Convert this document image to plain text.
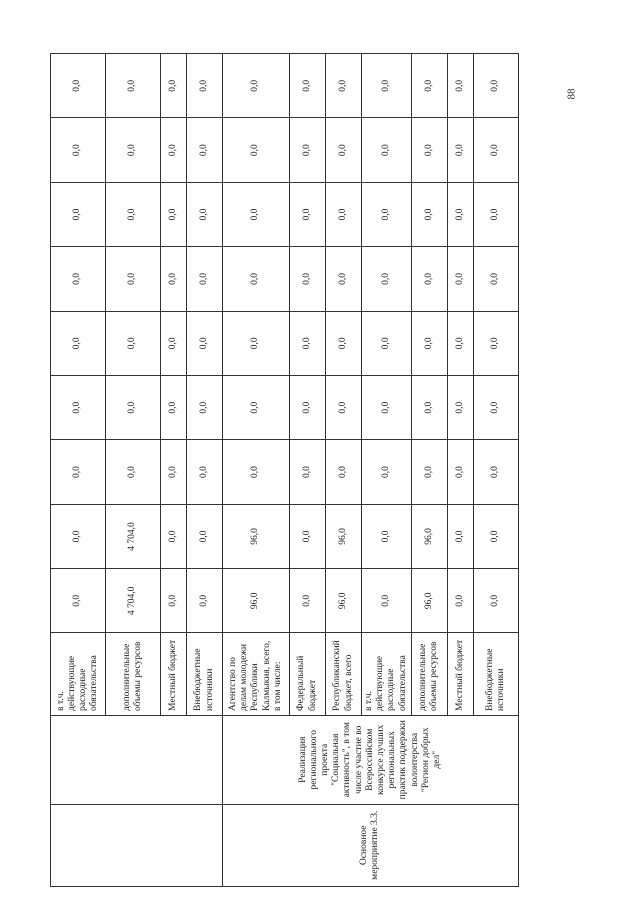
88
		в т.ч. действующие расходные обязательства	0,0	0,0	0,0	0,0	0,0	0,0	0,0	0,0	0,0
		дополнительные объемы ресурсов	4 704,0	4 704,0	0,0	0,0	0,0	0,0	0,0	0,0	0,0
		Местный бюджет	0,0	0,0	0,0	0,0	0,0	0,0	0,0	0,0	0,0
		Внебюджетные источники	0,0	0,0	0,0	0,0	0,0	0,0	0,0	0,0	0,0
Основное мероприятие 3.3.	Реализация регионального проекта "Социальная активность", в том числе участие во Всероссийском конкурсе лучших региональных практик поддержки волонтерства "Регион добрых дел"	Агентство по делам молодежи Республики Калмыкия, всего, в том числе:	96,0	96,0	0,0	0,0	0,0	0,0	0,0	0,0	0,0
		Федеральный бюджет	0,0	0,0	0,0	0,0	0,0	0,0	0,0	0,0	0,0
		Республиканский бюджет, всего	96,0	96,0	0,0	0,0	0,0	0,0	0,0	0,0	0,0
		в т.ч. действующие расходные обязательства	0,0	0,0	0,0	0,0	0,0	0,0	0,0	0,0	0,0
		дополнительные объемы ресурсов	96,0	96,0	0,0	0,0	0,0	0,0	0,0	0,0	0,0
		Местный бюджет	0,0	0,0	0,0	0,0	0,0	0,0	0,0	0,0	0,0
		Внебюджетные источники	0,0	0,0	0,0	0,0	0,0	0,0	0,0	0,0	0,0
